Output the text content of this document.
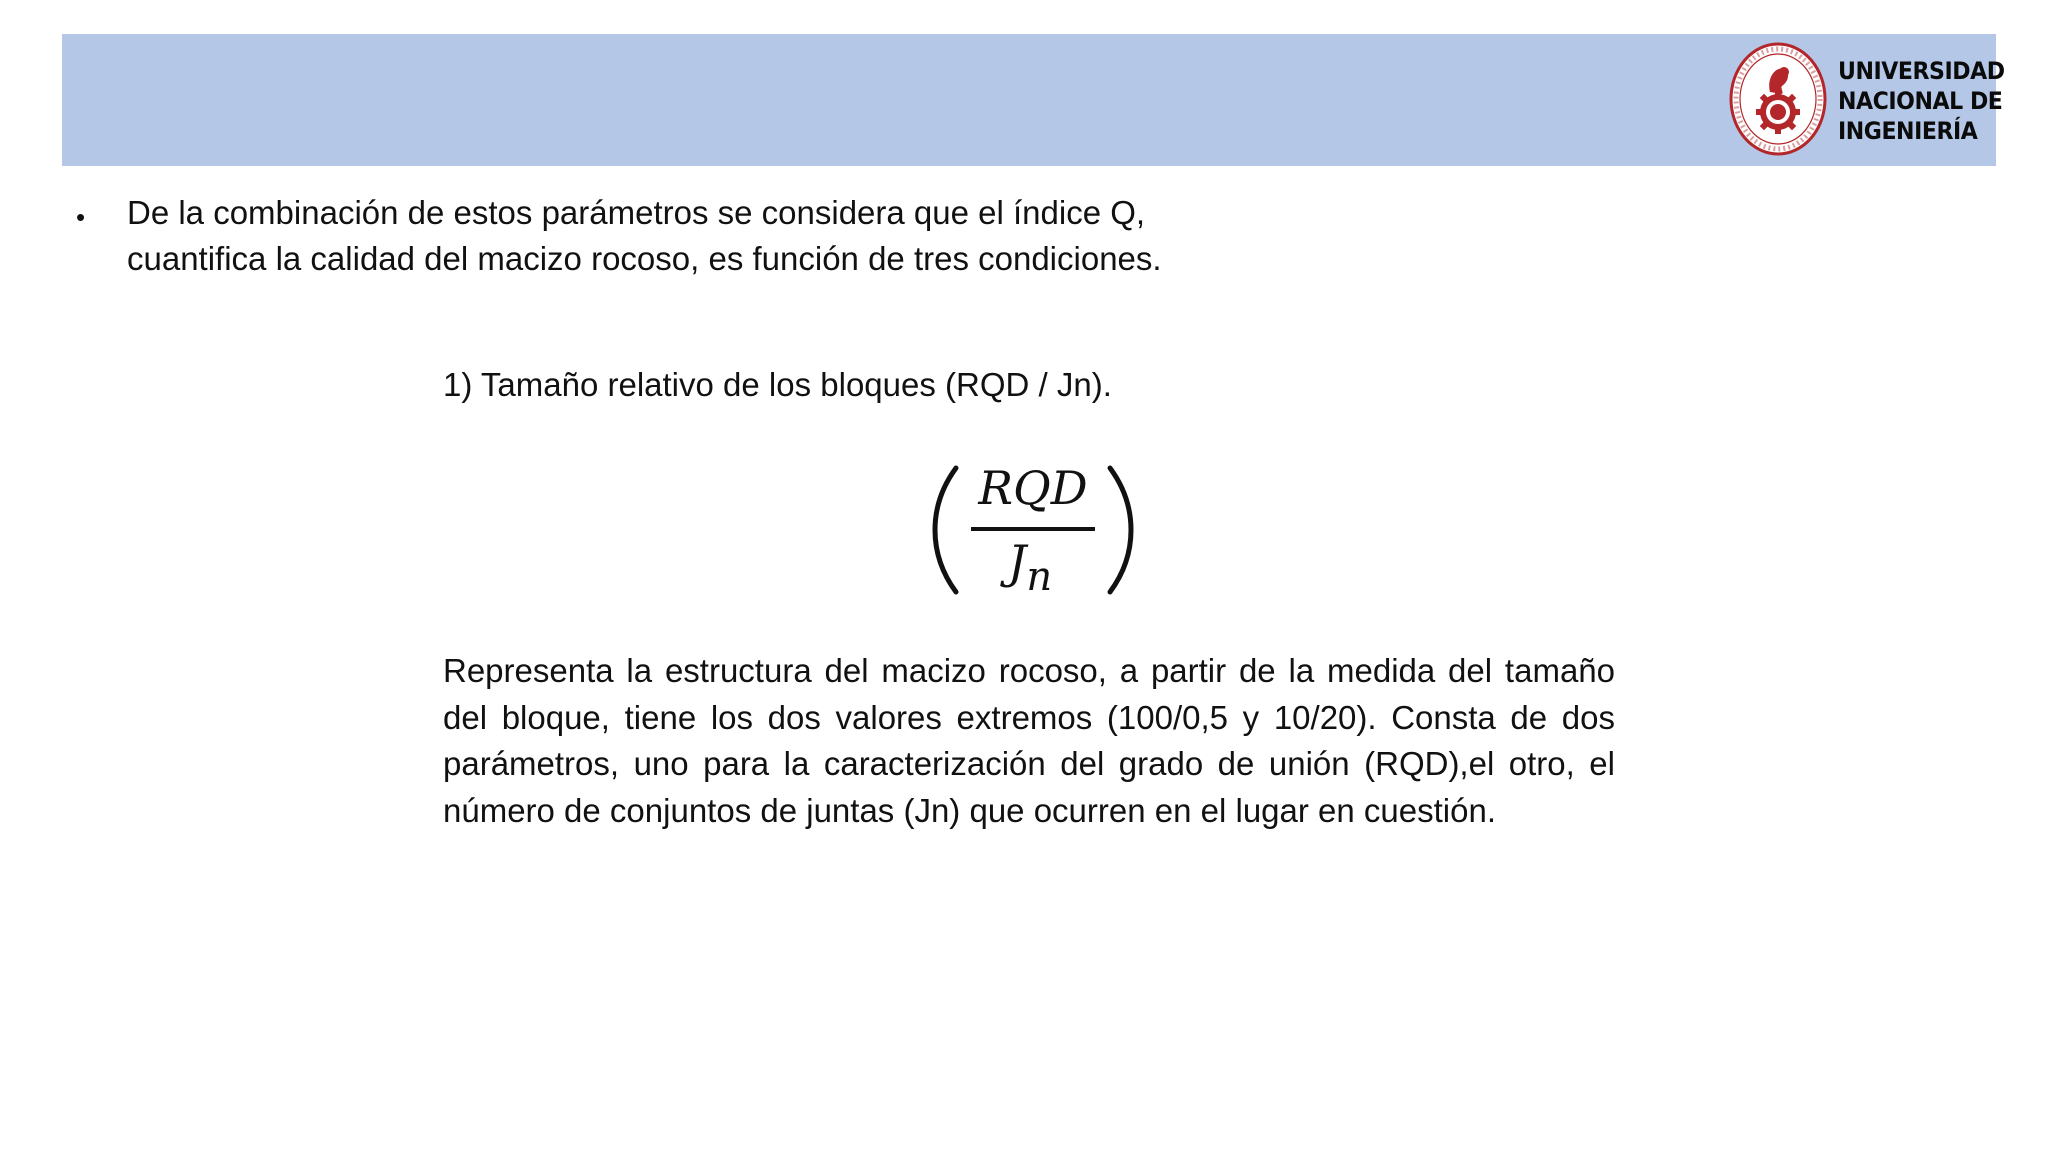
UNIVERSIDAD
NACIONAL DE
INGENIERÍA
• De la combinación de estos parámetros se considera que el índice Q, cuantifica la calidad del macizo rocoso, es función de tres condiciones.
1) Tamaño relativo de los bloques (RQD / Jn).
RQD
Jn
Representa la estructura del macizo rocoso, a partir de la medida del tamaño del bloque, tiene los dos valores extremos (100/0,5 y 10/20). Consta de dos parámetros, uno para la caracterización del grado de unión (RQD),el otro, el número de conjuntos de juntas (Jn) que ocurren en el lugar en cuestión.
